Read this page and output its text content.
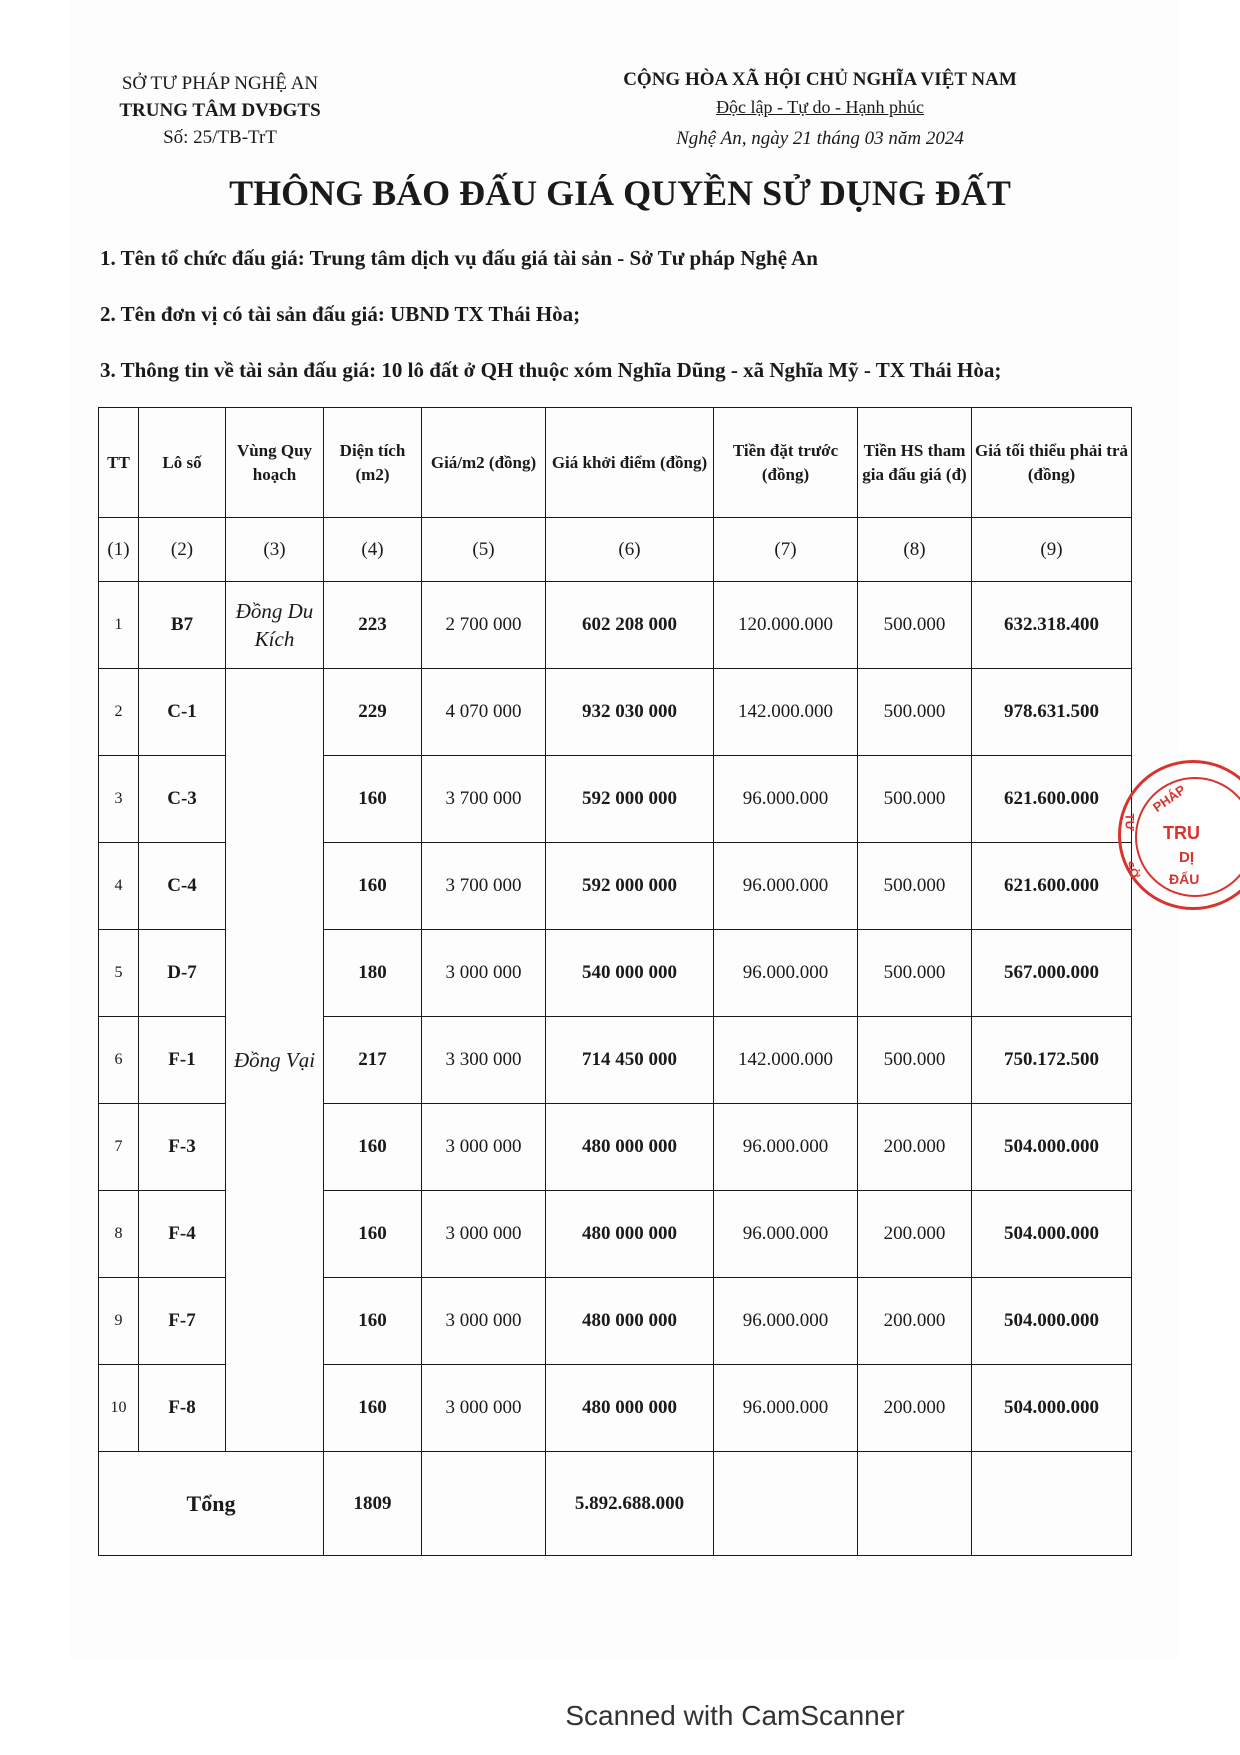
SỞ TƯ PHÁP NGHỆ AN
TRUNG TÂM DVĐGTS
Số: 25/TB-TrT
CỘNG HÒA XÃ HỘI CHỦ NGHĨA VIỆT NAM
Độc lập - Tự do - Hạnh phúc
Nghệ An, ngày 21 tháng 03 năm 2024
THÔNG BÁO ĐẤU GIÁ QUYỀN SỬ DỤNG ĐẤT
1. Tên tổ chức đấu giá: Trung tâm dịch vụ đấu giá tài sản - Sở Tư pháp Nghệ An
2. Tên đơn vị có tài sản đấu giá: UBND TX Thái Hòa;
3. Thông tin về tài sản đấu giá: 10 lô đất ở QH thuộc xóm Nghĩa Dũng - xã Nghĩa Mỹ - TX Thái Hòa;
TT	Lô số	Vùng Quy hoạch	Diện tích (m2)	Giá/m2 (đồng)	Giá khởi điểm (đồng)	Tiền đặt trước (đồng)	Tiền HS tham gia đấu giá (đ)	Giá tối thiểu phải trả (đồng)
(1)	(2)	(3)	(4)	(5)	(6)	(7)	(8)	(9)
1	B7	Đồng Du Kích	223	2 700 000	602 208 000	120.000.000	500.000	632.318.400
2	C-1	Đồng Vại	229	4 070 000	932 030 000	142.000.000	500.000	978.631.500
3	C-3		160	3 700 000	592 000 000	96.000.000	500.000	621.600.000
4	C-4		160	3 700 000	592 000 000	96.000.000	500.000	621.600.000
5	D-7		180	3 000 000	540 000 000	96.000.000	500.000	567.000.000
6	F-1		217	3 300 000	714 450 000	142.000.000	500.000	750.172.500
7	F-3		160	3 000 000	480 000 000	96.000.000	200.000	504.000.000
8	F-4		160	3 000 000	480 000 000	96.000.000	200.000	504.000.000
9	F-7		160	3 000 000	480 000 000	96.000.000	200.000	504.000.000
10	F-8		160	3 000 000	480 000 000	96.000.000	200.000	504.000.000
Tổng			1809		5.892.688.000			
PHÁP
TRU
DỊ
ĐẤU
TƯ
SỞ
Scanned with CamScanner
